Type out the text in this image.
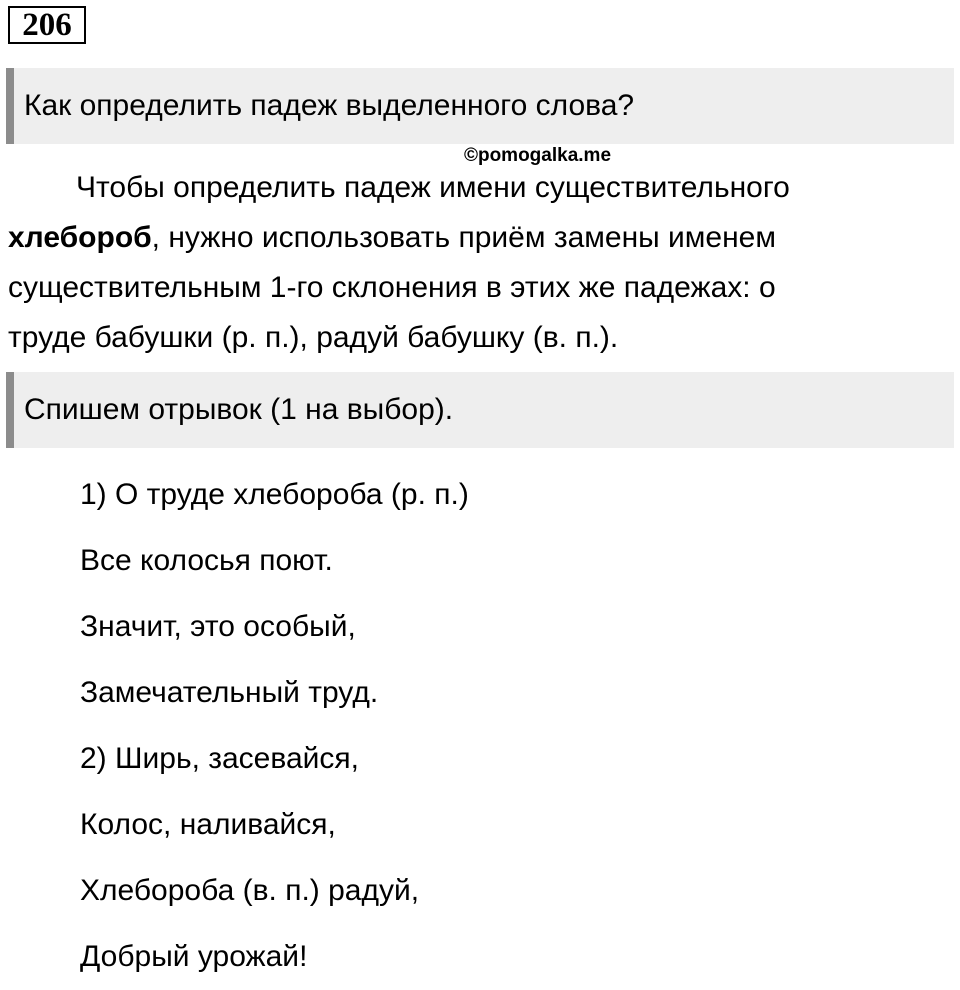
206
Как определить падеж выделенного слова?
©pomogalka.me
Чтобы определить падеж имени существительного
хлебороб, нужно использовать приём замены именем
существительным 1-го склонения в этих же падежах: о
труде бабушки (р. п.), радуй бабушку (в. п.).
Спишем отрывок (1 на выбор).
1) О труде хлебороба (р. п.)
Все колосья поют.
Значит, это особый,
Замечательный труд.
2) Ширь, засевайся,
Колос, наливайся,
Хлебороба (в. п.) радуй,
Добрый урожай!
